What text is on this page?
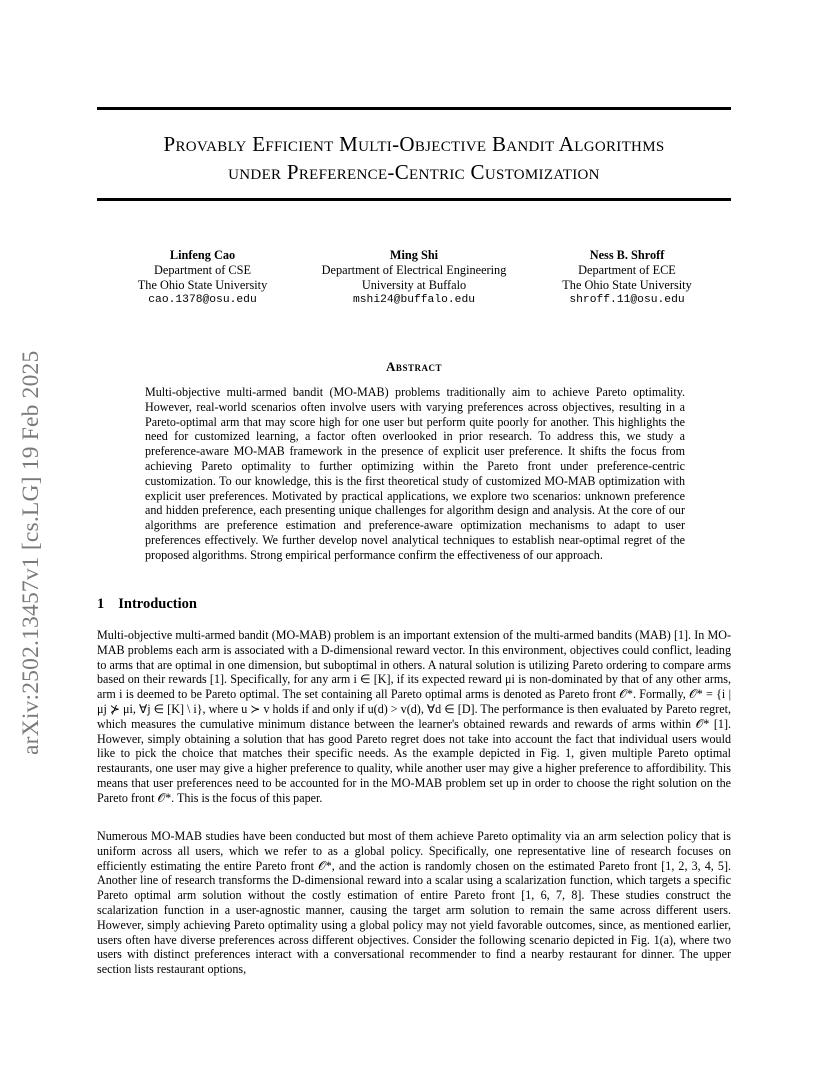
Provably Efficient Multi-Objective Bandit Algorithms
under Preference-Centric Customization
arXiv:2502.13457v1 [cs.LG] 19 Feb 2025
Linfeng Cao
Department of CSE
The Ohio State University
cao.1378@osu.edu
Ming Shi
Department of Electrical Engineering
University at Buffalo
mshi24@buffalo.edu
Ness B. Shroff
Department of ECE
The Ohio State University
shroff.11@osu.edu
Abstract
Multi-objective multi-armed bandit (MO-MAB) problems traditionally aim to achieve Pareto optimality. However, real-world scenarios often involve users with varying preferences across objectives, resulting in a Pareto-optimal arm that may score high for one user but perform quite poorly for another. This highlights the need for customized learning, a factor often overlooked in prior research. To address this, we study a preference-aware MO-MAB framework in the presence of explicit user preference. It shifts the focus from achieving Pareto optimality to further optimizing within the Pareto front under preference-centric customization. To our knowledge, this is the first theoretical study of customized MO-MAB optimization with explicit user preferences. Motivated by practical applications, we explore two scenarios: unknown preference and hidden preference, each presenting unique challenges for algorithm design and analysis. At the core of our algorithms are preference estimation and preference-aware optimization mechanisms to adapt to user preferences effectively. We further develop novel analytical techniques to establish near-optimal regret of the proposed algorithms. Strong empirical performance confirm the effectiveness of our approach.
1 Introduction
Multi-objective multi-armed bandit (MO-MAB) problem is an important extension of the multi-armed bandits (MAB) [1]. In MO-MAB problems each arm is associated with a D-dimensional reward vector. In this environment, objectives could conflict, leading to arms that are optimal in one dimension, but suboptimal in others. A natural solution is utilizing Pareto ordering to compare arms based on their rewards [1]. Specifically, for any arm i ∈ [K], if its expected reward μi is non-dominated by that of any other arms, arm i is deemed to be Pareto optimal. The set containing all Pareto optimal arms is denoted as Pareto front 𝒪*. Formally, 𝒪* = {i | μj ⊁ μi, ∀j ∈ [K] \ i}, where u ≻ v holds if and only if u(d) > v(d), ∀d ∈ [D]. The performance is then evaluated by Pareto regret, which measures the cumulative minimum distance between the learner's obtained rewards and rewards of arms within 𝒪* [1]. However, simply obtaining a solution that has good Pareto regret does not take into account the fact that individual users would like to pick the choice that matches their specific needs. As the example depicted in Fig. 1, given multiple Pareto optimal restaurants, one user may give a higher preference to quality, while another user may give a higher preference to affordibility. This means that user preferences need to be accounted for in the MO-MAB problem set up in order to choose the right solution on the Pareto front 𝒪*. This is the focus of this paper.
Numerous MO-MAB studies have been conducted but most of them achieve Pareto optimality via an arm selection policy that is uniform across all users, which we refer to as a global policy. Specifically, one representative line of research focuses on efficiently estimating the entire Pareto front 𝒪*, and the action is randomly chosen on the estimated Pareto front [1, 2, 3, 4, 5]. Another line of research transforms the D-dimensional reward into a scalar using a scalarization function, which targets a specific Pareto optimal arm solution without the costly estimation of entire Pareto front [1, 6, 7, 8]. These studies construct the scalarization function in a user-agnostic manner, causing the target arm solution to remain the same across different users. However, simply achieving Pareto optimality using a global policy may not yield favorable outcomes, since, as mentioned earlier, users often have diverse preferences across different objectives. Consider the following scenario depicted in Fig. 1(a), where two users with distinct preferences interact with a conversational recommender to find a nearby restaurant for dinner. The upper section lists restaurant options,
